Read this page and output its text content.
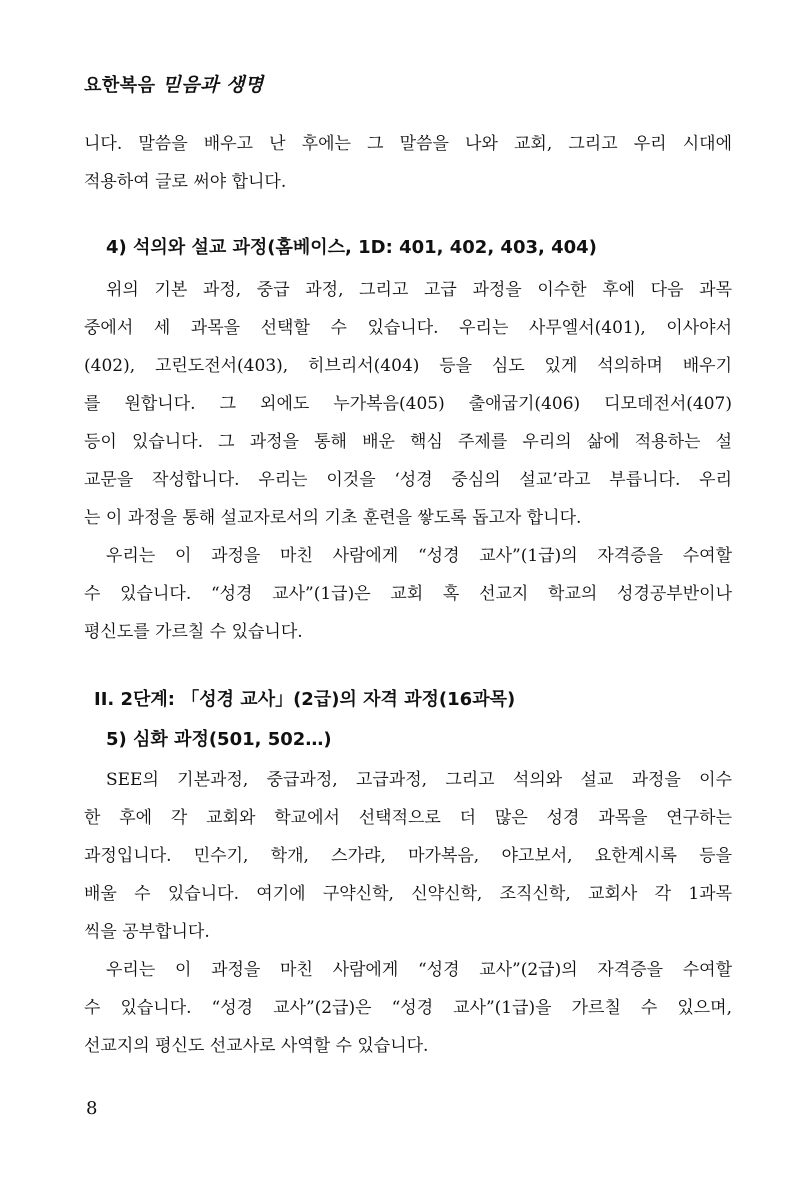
요한복음 믿음과 생명
니다. 말씀을 배우고 난 후에는 그 말씀을 나와 교회, 그리고 우리 시대에
적용하여 글로 써야 합니다.
4) 석의와 설교 과정(홈베이스, 1D: 401, 402, 403, 404)
위의 기본 과정, 중급 과정, 그리고 고급 과정을 이수한 후에 다음 과목
중에서 세 과목을 선택할 수 있습니다. 우리는 사무엘서(401), 이사야서
(402), 고린도전서(403), 히브리서(404) 등을 심도 있게 석의하며 배우기
를 원합니다. 그 외에도 누가복음(405) 출애굽기(406) 디모데전서(407)
등이 있습니다. 그 과정을 통해 배운 핵심 주제를 우리의 삶에 적용하는 설
교문을 작성합니다. 우리는 이것을 ‘성경 중심의 설교’라고 부릅니다. 우리
는 이 과정을 통해 설교자로서의 기초 훈련을 쌓도록 돕고자 합니다.
우리는 이 과정을 마친 사람에게 “성경 교사”(1급)의 자격증을 수여할
수 있습니다. “성경 교사”(1급)은 교회 혹 선교지 학교의 성경공부반이나
평신도를 가르칠 수 있습니다.
II. 2단계: 「성경 교사」(2급)의 자격 과정(16과목)
5) 심화 과정(501, 502…)
SEE의 기본과정, 중급과정, 고급과정, 그리고 석의와 설교 과정을 이수
한 후에 각 교회와 학교에서 선택적으로 더 많은 성경 과목을 연구하는
과정입니다. 민수기, 학개, 스가랴, 마가복음, 야고보서, 요한계시록 등을
배울 수 있습니다. 여기에 구약신학, 신약신학, 조직신학, 교회사 각 1과목
씩을 공부합니다.
우리는 이 과정을 마친 사람에게 “성경 교사”(2급)의 자격증을 수여할
수 있습니다. “성경 교사”(2급)은 “성경 교사”(1급)을 가르칠 수 있으며,
선교지의 평신도 선교사로 사역할 수 있습니다.
8
